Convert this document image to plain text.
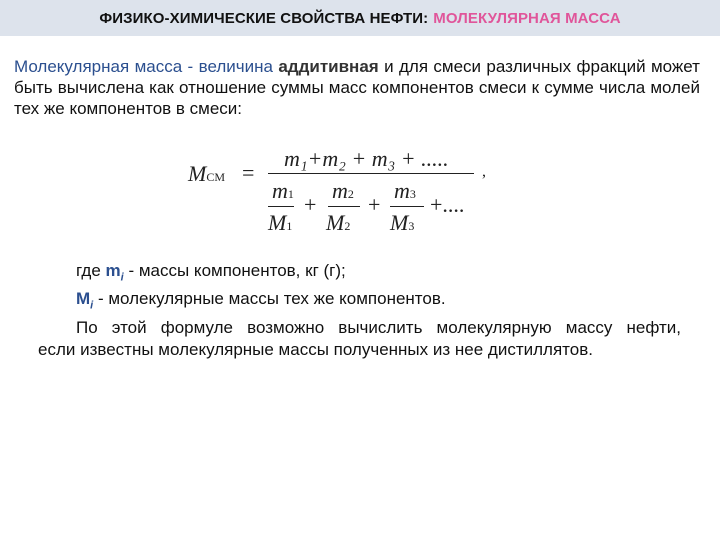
ФИЗИКО-ХИМИЧЕСКИЕ СВОЙСТВА НЕФТИ: МОЛЕКУЛЯРНАЯ МАССА
Молекулярная масса - величина аддитивная и для смеси различных фракций может быть вычислена как отношение суммы масс компонентов смеси к сумме числа молей тех же компонентов в смеси:
MСМ =
m₁+m₂ + m₃ + .....
m1
M1
+
m2
M2
+
m3
M3
+....
,

где $m_i$ - массы компонентов, кг (г);

$M_i$ - молекулярные массы тех же компонентов.

По этой формуле возможно вычислить молекулярную массу нефти,

если известны молекулярные массы полученных из нее дистиллятов.
